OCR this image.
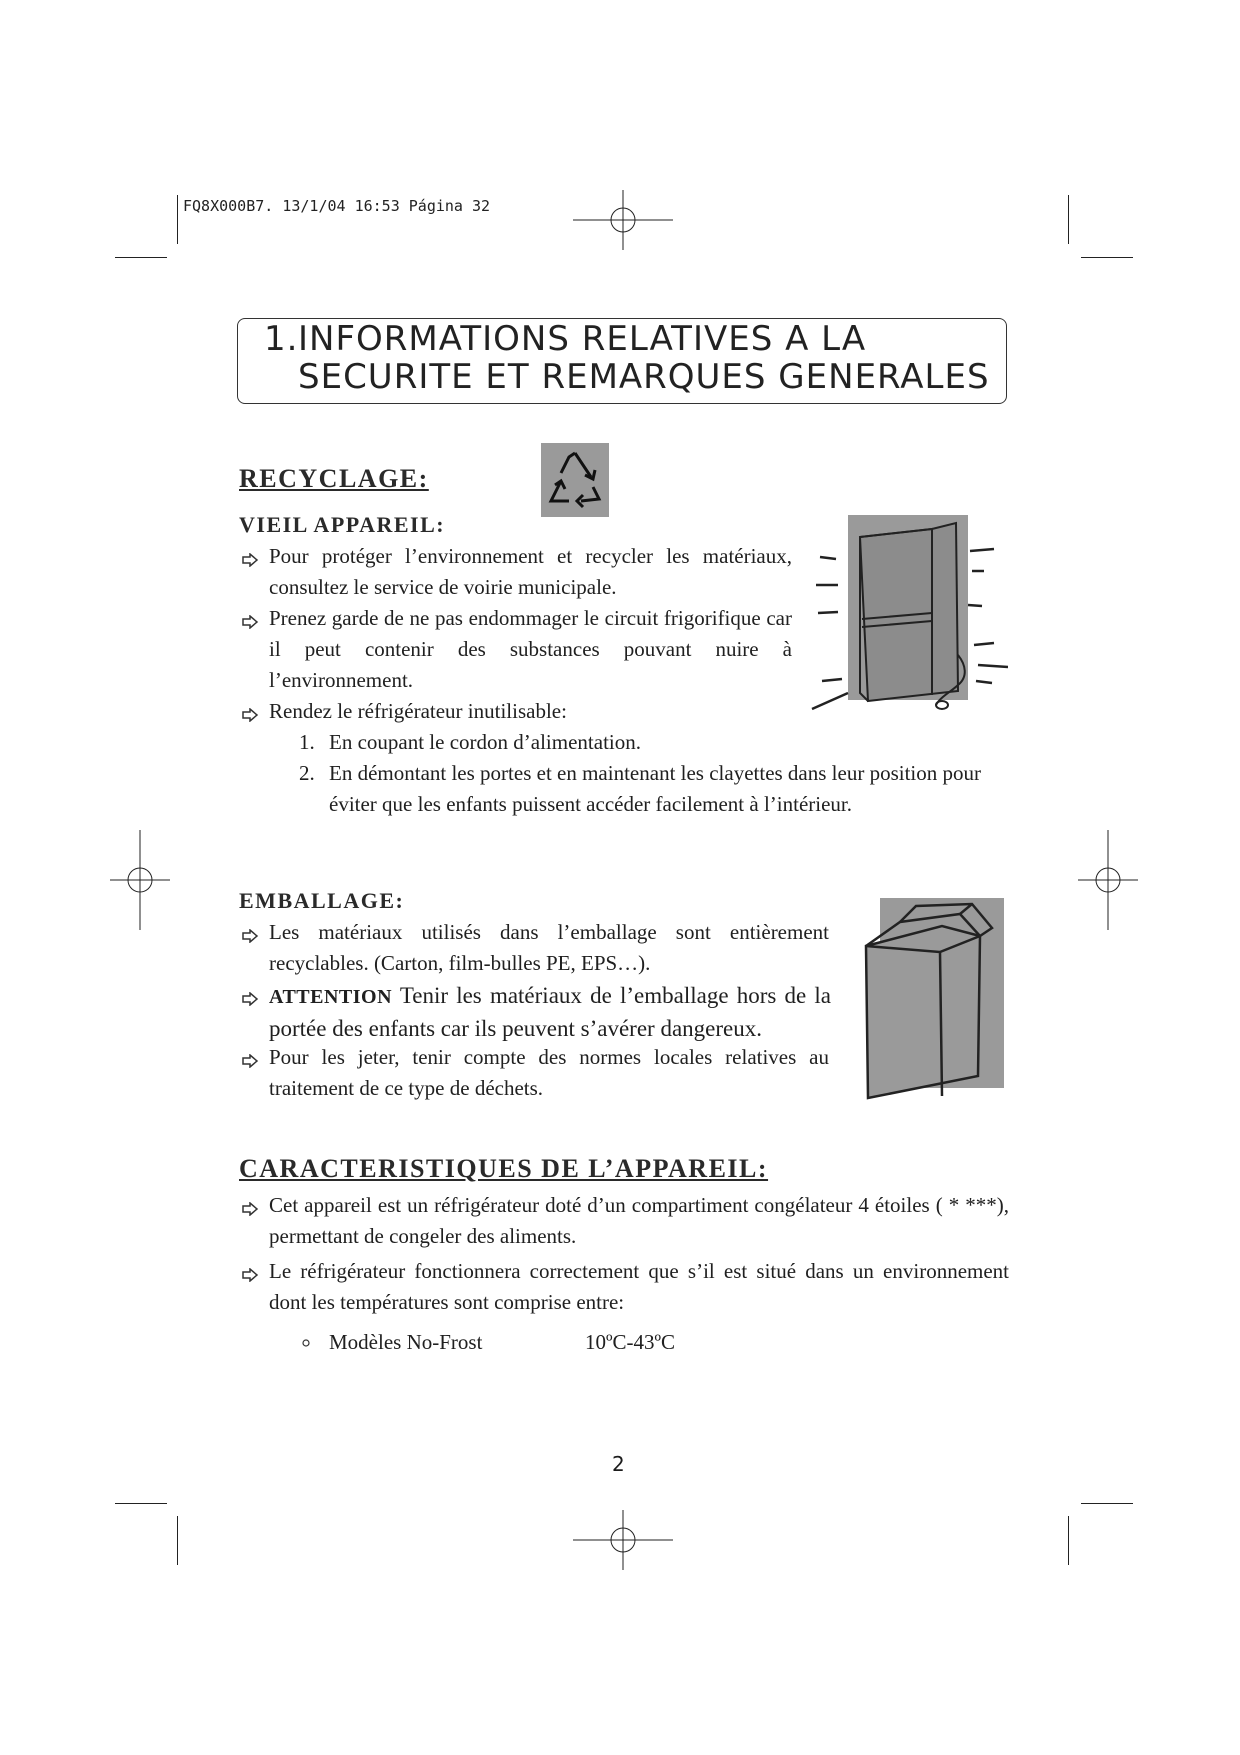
FQ8X000B7. 13/1/04 16:53 Página 32
1. INFORMATIONS RELATIVES A LA
SECURITE ET REMARQUES GENERALES
RECYCLAGE:
VIEIL APPAREIL:
Pour protéger l’environnement et recycler les matériaux, consultez le service de voirie municipale.
Prenez garde de ne pas endommager le circuit frigorifique car il peut contenir des substances pouvant nuire à l’environnement.
Rendez le réfrigérateur inutilisable:
1. En coupant le cordon d’alimentation.
2. En démontant les portes et en maintenant les clayettes dans leur position pour éviter que les enfants puissent accéder facilement à l’intérieur.
EMBALLAGE:
Les matériaux utilisés dans l’emballage sont entièrement recyclables. (Carton, film-bulles PE, EPS…).
ATTENTION Tenir les matériaux de l’emballage hors de la portée des enfants car ils peuvent s’avérer dangereux.
Pour les jeter, tenir compte des normes locales relatives au traitement de ce type de déchets.
CARACTERISTIQUES DE L’APPAREIL:
Cet appareil est un réfrigérateur doté d’un compartiment congélateur 4 étoiles ( * ***), permettant de congeler des aliments.
Le réfrigérateur fonctionnera correctement que s’il est situé dans un environnement dont les températures sont comprise entre:
Modèles No-Frost	10ºC-43ºC
2
